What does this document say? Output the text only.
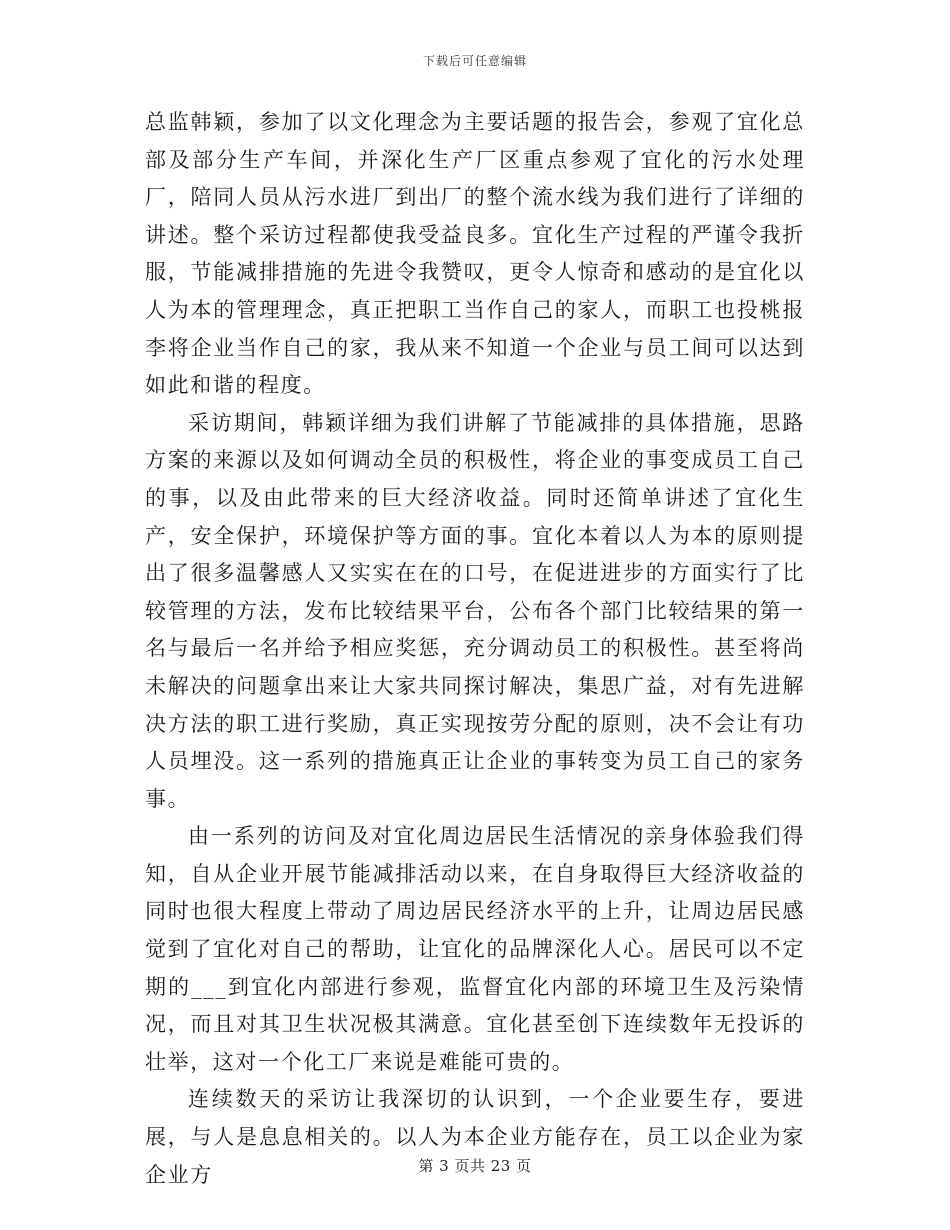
下载后可任意编辑

总监韩颖，参加了以文化理念为主要话题的报告会，参观了宜化总部及部分生产车间，并深化生产厂区重点参观了宜化的污水处理厂，陪同人员从污水进厂到出厂的整个流水线为我们进行了详细的讲述。整个采访过程都使我受益良多。宜化生产过程的严谨令我折服，节能减排措施的先进令我赞叹，更令人惊奇和感动的是宜化以人为本的管理理念，真正把职工当作自己的家人，而职工也投桃报李将企业当作自己的家，我从来不知道一个企业与员工间可以达到如此和谐的程度。

采访期间，韩颖详细为我们讲解了节能减排的具体措施，思路方案的来源以及如何调动全员的积极性，将企业的事变成员工自己的事，以及由此带来的巨大经济收益。同时还简单讲述了宜化生产，安全保护，环境保护等方面的事。宜化本着以人为本的原则提出了很多温馨感人又实实在在的口号，在促进进步的方面实行了比较管理的方法，发布比较结果平台，公布各个部门比较结果的第一名与最后一名并给予相应奖惩，充分调动员工的积极性。甚至将尚未解决的问题拿出来让大家共同探讨解决，集思广益，对有先进解决方法的职工进行奖励，真正实现按劳分配的原则，决不会让有功人员埋没。这一系列的措施真正让企业的事转变为员工自己的家务事。

由一系列的访问及对宜化周边居民生活情况的亲身体验我们得知，自从企业开展节能减排活动以来，在自身取得巨大经济收益的同时也很大程度上带动了周边居民经济水平的上升，让周边居民感觉到了宜化对自己的帮助，让宜化的品牌深化人心。居民可以不定期的___到宜化内部进行参观，监督宜化内部的环境卫生及污染情况，而且对其卫生状况极其满意。宜化甚至创下连续数年无投诉的壮举，这对一个化工厂来说是难能可贵的。

连续数天的采访让我深切的认识到，一个企业要生存，要进展，与人是息息相关的。以人为本企业方能存在，员工以企业为家企业方	第 3 页共 23 页
